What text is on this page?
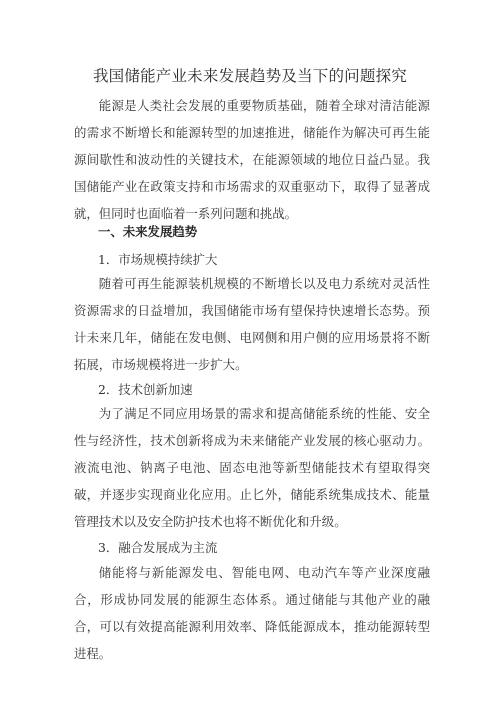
我国储能产业未来发展趋势及当下的问题探究

能源是人类社会发展的重要物质基础，随着全球对清洁能源的需求不断增长和能源转型的加速推进，储能作为解决可再生能源间歇性和波动性的关键技术，在能源领域的地位日益凸显。我国储能产业在政策支持和市场需求的双重驱动下，取得了显著成就，但同时也面临着一系列问题和挑战。

一、未来发展趋势
1．市场规模持续扩大

随着可再生能源装机规模的不断增长以及电力系统对灵活性资源需求的日益增加，我国储能市场有望保持快速增长态势。预计未来几年，储能在发电侧、电网侧和用户侧的应用场景将不断拓展，市场规模将进一步扩大。

2．技术创新加速

为了满足不同应用场景的需求和提高储能系统的性能、安全性与经济性，技术创新将成为未来储能产业发展的核心驱动力。液流电池、钠离子电池、固态电池等新型储能技术有望取得突破，并逐步实现商业化应用。止匕外，储能系统集成技术、能量管理技术以及安全防护技术也将不断优化和升级。

3．融合发展成为主流

储能将与新能源发电、智能电网、电动汽车等产业深度融合，形成协同发展的能源生态体系。通过储能与其他产业的融合，可以有效提高能源利用效率、降低能源成本，推动能源转型进程。
